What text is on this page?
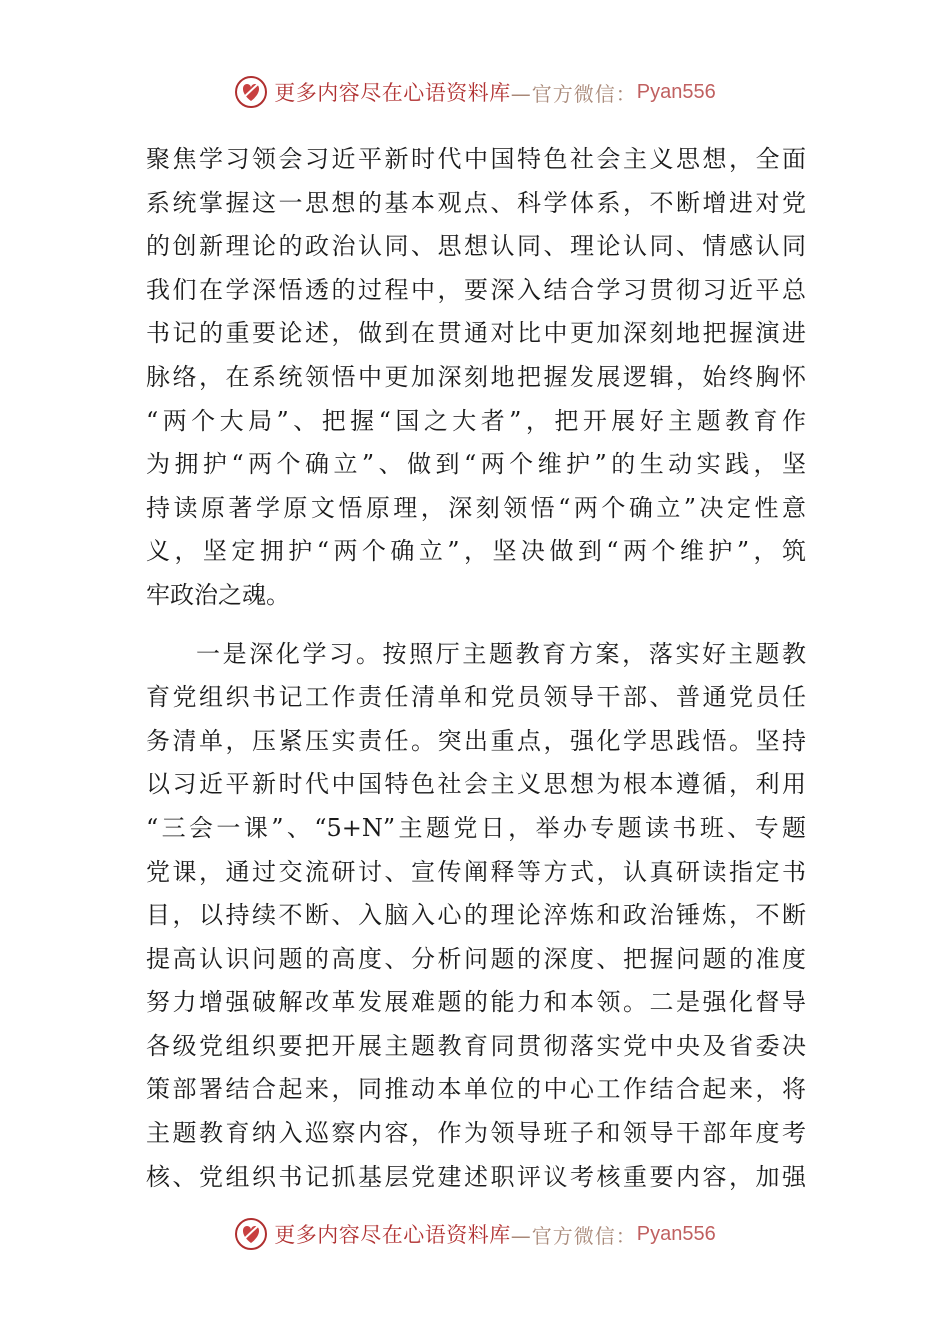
更多内容尽在心语资料库 —官方微信： Pyan556

聚焦学习领会习近平新时代中国特色社会主义思想，全面
系统掌握这一思想的基本观点、科学体系，不断增进对党
的创新理论的政治认同、思想认同、理论认同、情感认同
我们在学深悟透的过程中，要深入结合学习贯彻习近平总
书记的重要论述，做到在贯通对比中更加深刻地把握演进
脉络，在系统领悟中更加深刻地把握发展逻辑，始终胸怀
“两个大局”、把握“国之大者”，把开展好主题教育作
为拥护“两个确立”、做到“两个维护”的生动实践，坚
持读原著学原文悟原理，深刻领悟“两个确立”决定性意
义，坚定拥护“两个确立”，坚决做到“两个维护”，筑
牢政治之魂。

一是深化学习。按照厅主题教育方案，落实好主题教
育党组织书记工作责任清单和党员领导干部、普通党员任
务清单，压紧压实责任。突出重点，强化学思践悟。坚持
以习近平新时代中国特色社会主义思想为根本遵循，利用
“三会一课”、“5+N”主题党日，举办专题读书班、专题
党课，通过交流研讨、宣传阐释等方式，认真研读指定书
目，以持续不断、入脑入心的理论淬炼和政治锤炼，不断
提高认识问题的高度、分析问题的深度、把握问题的准度
努力增强破解改革发展难题的能力和本领。二是强化督导
各级党组织要把开展主题教育同贯彻落实党中央及省委决
策部署结合起来，同推动本单位的中心工作结合起来，将
主题教育纳入巡察内容，作为领导班子和领导干部年度考
核、党组织书记抓基层党建述职评议考核重要内容，加强

更多内容尽在心语资料库 —官方微信： Pyan556
